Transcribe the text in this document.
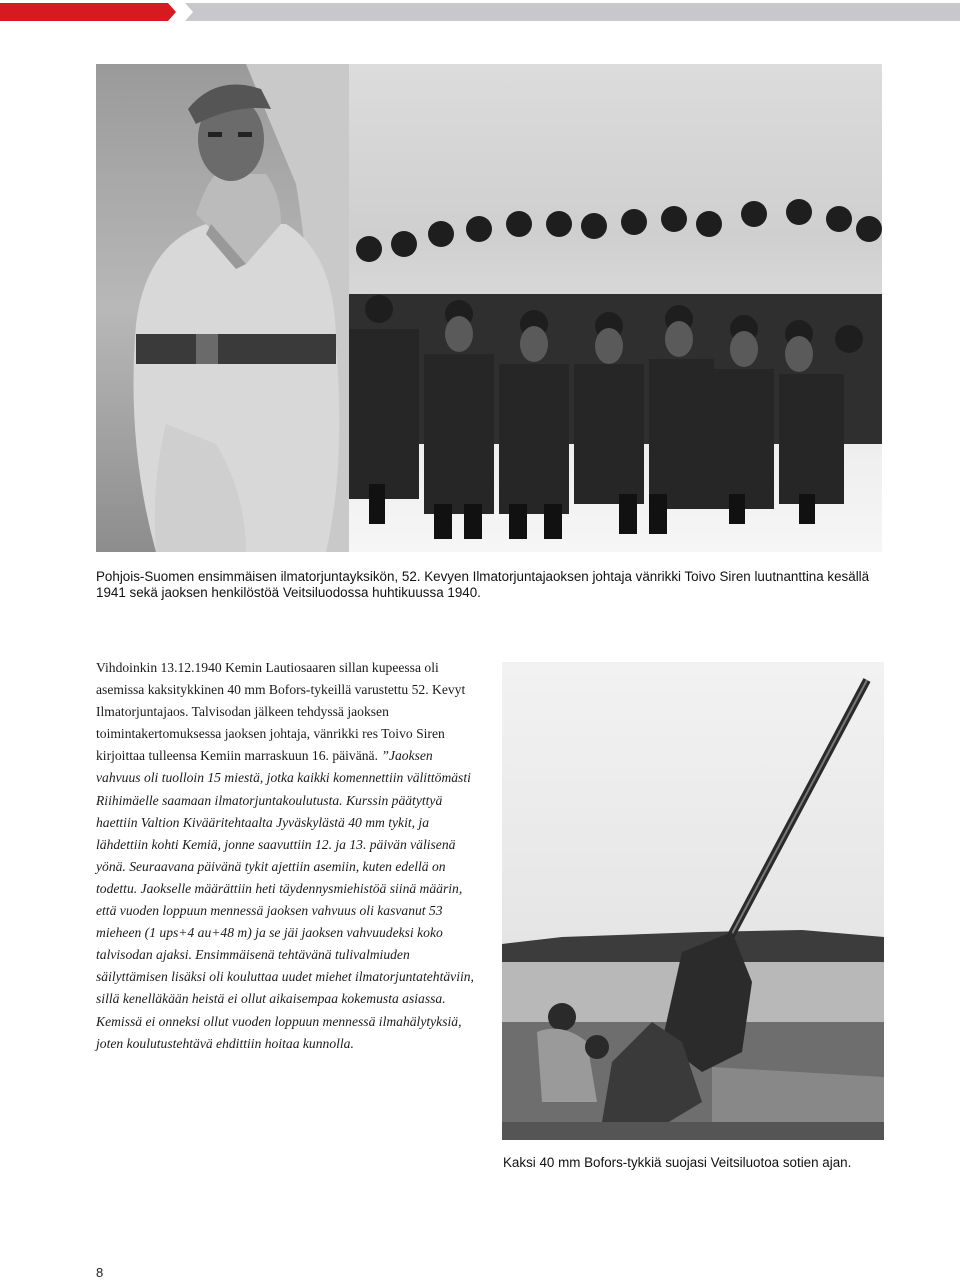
Pohjois-Suomen ensimmäisen ilmatorjuntayksikön, 52. Kevyen Ilmatorjuntajaoksen johtaja vänrikki Toivo Siren luutnanttina kesällä 1941 sekä jaoksen henkilöstöä Veitsiluodossa huhtikuussa 1940.
Vihdoinkin 13.12.1940 Kemin Lautiosaaren sillan kupeessa oli asemissa kaksitykkinen 40 mm Bofors-tykeillä varustettu 52. Kevyt Ilmatorjuntajaos. Talvisodan jälkeen tehdyssä jaoksen toimintakertomuksessa jaoksen johtaja, vänrikki res Toivo Siren kirjoittaa tulleensa Kemiin marraskuun 16. päivänä. ”Jaoksen vahvuus oli tuolloin 15 miestä, jotka kaikki komennettiin välittömästi Riihimäelle saamaan ilmatorjuntakoulutusta. Kurssin päätyttyä haettiin Valtion Kivääritehtaalta Jyväskylästä 40 mm tykit, ja lähdettiin kohti Kemiä, jonne saavuttiin 12. ja 13. päivän välisenä yönä. Seuraavana päivänä tykit ajettiin asemiin, kuten edellä on todettu. Jaokselle määrättiin heti täydennysmiehistöä siinä määrin, että vuoden loppuun mennessä jaoksen vahvuus oli kasvanut 53 mieheen (1 ups+4 au+48 m) ja se jäi jaoksen vahvuudeksi koko talvisodan ajaksi. Ensimmäisenä tehtävänä tulivalmiuden säilyttämisen lisäksi oli kouluttaa uudet miehet ilmatorjuntatehtäviin, sillä kenelläkään heistä ei ollut aikaisempaa kokemusta asiassa. Kemissä ei onneksi ollut vuoden loppuun mennessä ilmahälytyksiä, joten koulutustehtävä ehdittiin hoitaa kunnolla.
Kaksi 40 mm Bofors-tykkiä suojasi Veitsiluotoa sotien ajan.
8
